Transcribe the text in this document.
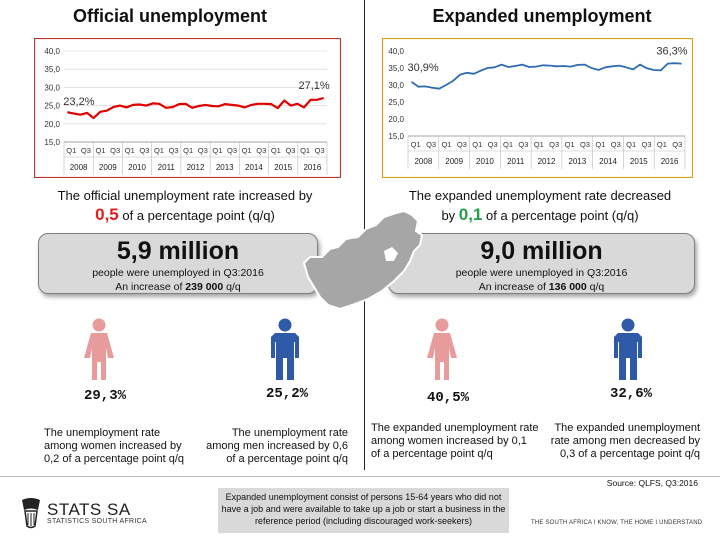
Official unemployment	Expanded unemployment
15,0
20,0
25,0
30,0
35,0
40,0
Q1 Q3 Q1 Q3 Q1 Q3 Q1 Q3 Q1 Q3 Q1 Q3 Q1 Q3 Q1 Q3 Q1 Q3
2008 2009 2010 2011 2012 2013 2014 2015 2016
23,2%
27,1%
15,0
20,0
25,0
30,0
35,0
40,0
Q1 Q3 Q1 Q3 Q1 Q3 Q1 Q3 Q1 Q3 Q1 Q3 Q1 Q3 Q1 Q3 Q1 Q3
2008 2009 2010 2011 2012 2013 2014 2015 2016
30,9%
36,3%
The official unemployment rate increased by
0,5 of a percentage point (q/q)
The expanded unemployment rate decreased
by 0,1 of a percentage point (q/q)
5,9 million
people were unemployed in Q3:2016
An increase of 239 000 q/q
9,0 million
people were unemployed in Q3:2016
An increase of 136 000 q/q
29,3%	25,2%	40,5%	32,6%
The unemployment rate
among women increased by
0,2 of a percentage point q/q
The unemployment rate
among men increased by 0,6
of a percentage point q/q
The expanded unemployment rate
among women increased by 0,1
of a percentage point q/q
The expanded unemployment
rate among men decreased by
0,3 of a percentage point q/q
Source: QLFS, Q3:2016
Expanded unemployment consist of persons 15-64 years who did not have a job and were available to take up a job or start a business in the reference period (including discouraged work-seekers)
STATS SA
STATISTICS SOUTH AFRICA	THE SOUTH AFRICA I KNOW, THE HOME I UNDERSTAND
